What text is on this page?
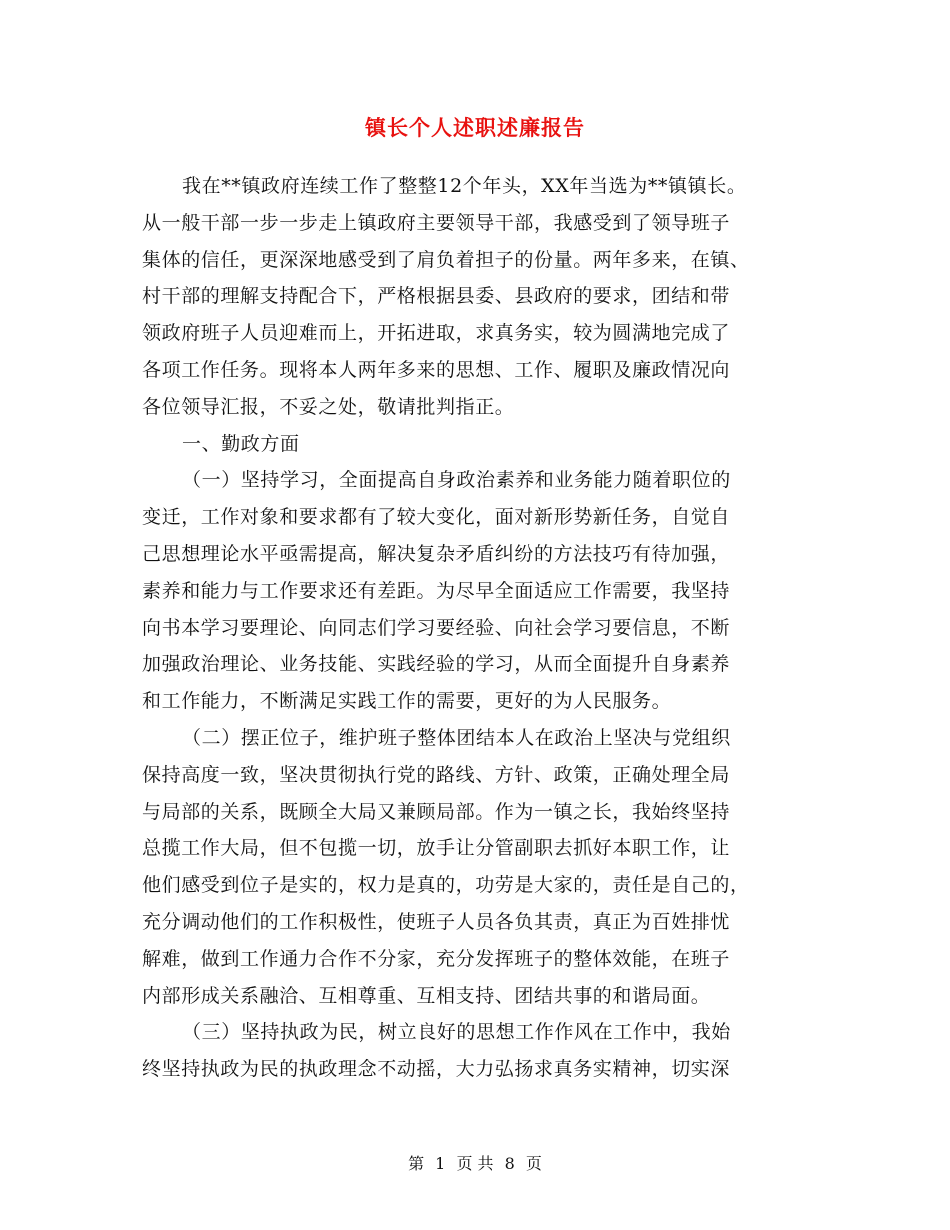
镇长个人述职述廉报告
我在**镇政府连续工作了整整12个年头，XX年当选为**镇镇长。
从一般干部一步一步走上镇政府主要领导干部，我感受到了领导班子
集体的信任，更深深地感受到了肩负着担子的份量。两年多来，在镇、
村干部的理解支持配合下，严格根据县委、县政府的要求，团结和带
领政府班子人员迎难而上，开拓进取，求真务实，较为圆满地完成了
各项工作任务。现将本人两年多来的思想、工作、履职及廉政情况向
各位领导汇报，不妥之处，敬请批判指正。
一、勤政方面
（一）坚持学习，全面提高自身政治素养和业务能力随着职位的
变迁，工作对象和要求都有了较大变化，面对新形势新任务，自觉自
己思想理论水平亟需提高，解决复杂矛盾纠纷的方法技巧有待加强，
素养和能力与工作要求还有差距。为尽早全面适应工作需要，我坚持
向书本学习要理论、向同志们学习要经验、向社会学习要信息，不断
加强政治理论、业务技能、实践经验的学习，从而全面提升自身素养
和工作能力，不断满足实践工作的需要，更好的为人民服务。
（二）摆正位子，维护班子整体团结本人在政治上坚决与党组织
保持高度一致，坚决贯彻执行党的路线、方针、政策，正确处理全局
与局部的关系，既顾全大局又兼顾局部。作为一镇之长，我始终坚持
总揽工作大局，但不包揽一切，放手让分管副职去抓好本职工作，让
他们感受到位子是实的，权力是真的，功劳是大家的，责任是自己的，
充分调动他们的工作积极性，使班子人员各负其责，真正为百姓排忧
解难，做到工作通力合作不分家，充分发挥班子的整体效能，在班子
内部形成关系融洽、互相尊重、互相支持、团结共事的和谐局面。
（三）坚持执政为民，树立良好的思想工作作风在工作中，我始
终坚持执政为民的执政理念不动摇，大力弘扬求真务实精神，切实深
第 1 页 共 8 页
